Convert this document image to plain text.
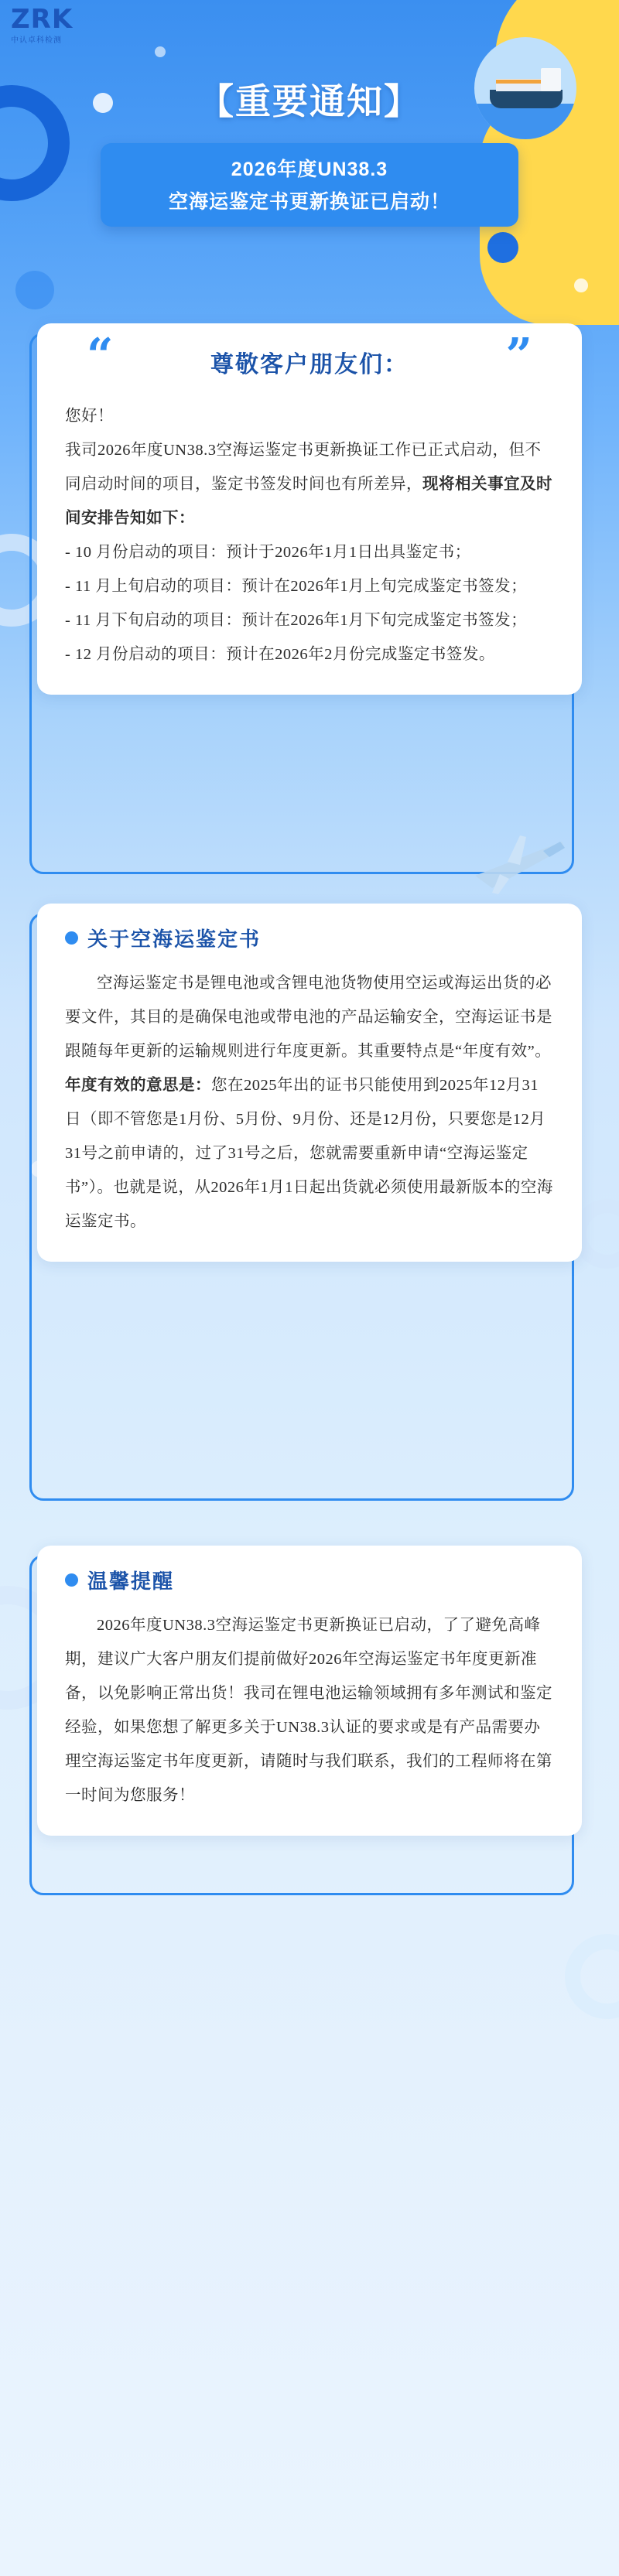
ZRK
中认卓科检测
【重要通知】
2026年度UN38.3
空海运鉴定书更新换证已启动！
“	尊敬客户朋友们： ”

您好！

我司2026年度UN38.3空海运鉴定书更新换证工作已正式启动，但不同启动时间的项目，鉴定书签发时间也有所差异，现将相关事宜及时间安排告知如下：

‐ 10 月份启动的项目：预计于2026年1月1日出具鉴定书；

‐ 11 月上旬启动的项目：预计在2026年1月上旬完成鉴定书签发；

‐ 11 月下旬启动的项目：预计在2026年1月下旬完成鉴定书签发；

‐ 12 月份启动的项目：预计在2026年2月份完成鉴定书签发。

关于空海运鉴定书

空海运鉴定书是锂电池或含锂电池货物使用空运或海运出货的必要文件，其目的是确保电池或带电池的产品运输安全，空海运证书是跟随每年更新的运输规则进行年度更新。其重要特点是“年度有效”。

年度有效的意思是：您在2025年出的证书只能使用到2025年12月31日（即不管您是1月份、5月份、9月份、还是12月份，只要您是12月31号之前申请的，过了31号之后，您就需要重新申请“空海运鉴定书”）。也就是说，从2026年1月1日起出货就必须使用最新版本的空海运鉴定书。

温馨提醒

2026年度UN38.3空海运鉴定书更新换证已启动，了了避免高峰期，建议广大客户朋友们提前做好2026年空海运鉴定书年度更新准备，以免影响正常出货！我司在锂电池运输领域拥有多年测试和鉴定经验，如果您想了解更多关于UN38.3认证的要求或是有产品需要办理空海运鉴定书年度更新，请随时与我们联系，我们的工程师将在第一时间为您服务！
